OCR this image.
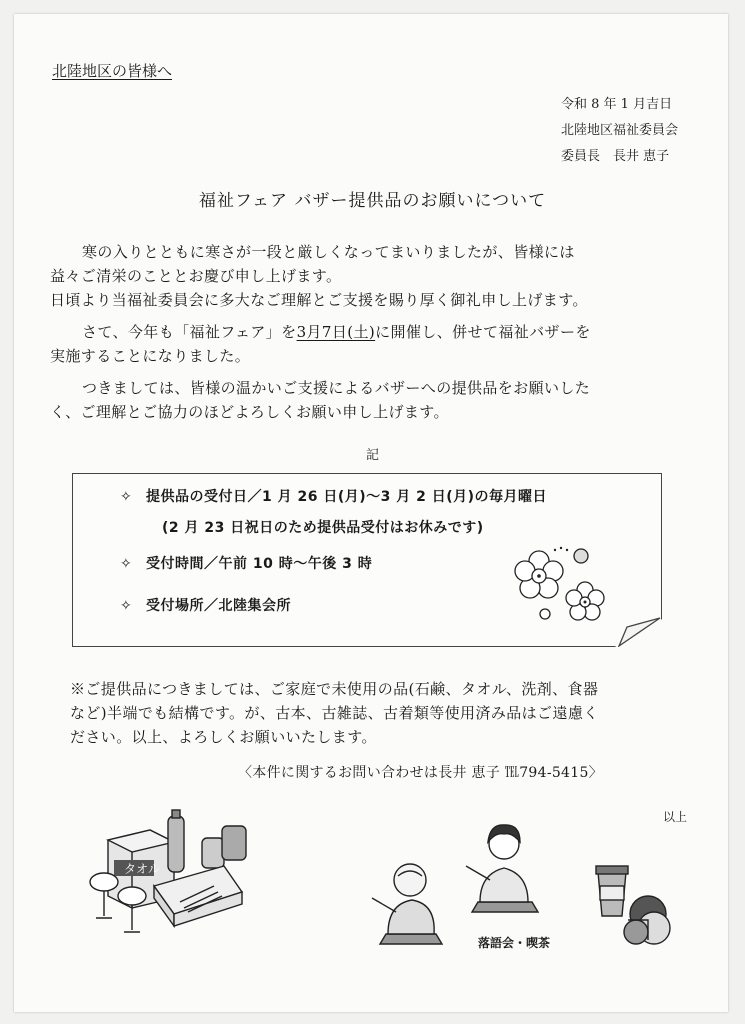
北陸地区の皆様へ
令和 8 年 1 月吉日
北陸地区福祉委員会
委員長　長井 恵子
福祉フェア バザー提供品のお願いについて

寒の入りとともに寒さが一段と厳しくなってまいりましたが、皆様には
益々ご清栄のこととお慶び申し上げます。
日頃より当福祉委員会に多大なご理解とご支援を賜り厚く御礼申し上げます。

さて、今年も「福祉フェア」を3月7日(土)に開催し、併せて福祉バザーを
実施することになりました。

つきましては、皆様の温かいご支援によるバザーへの提供品をお願いした
く、ご理解とご協力のほどよろしくお願い申し上げます。

記
✧ 提供品の受付日／1 月 26 日(月)〜3 月 2 日(月)の毎月曜日
(2 月 23 日祝日のため提供品受付はお休みです)
✧ 受付時間／午前 10 時〜午後 3 時
✧ 受付場所／北陸集会所

※ご提供品につきましては、ご家庭で未使用の品(石鹸、タオル、洗剤、食器
など)半端でも結構です。が、古本、古雑誌、古着類等使用済み品はご遠慮く
ださい。以上、よろしくお願いいたします。

〈本件に関するお問い合わせは長井 恵子 ℡794-5415〉
以上
タオル
落語会・喫茶
